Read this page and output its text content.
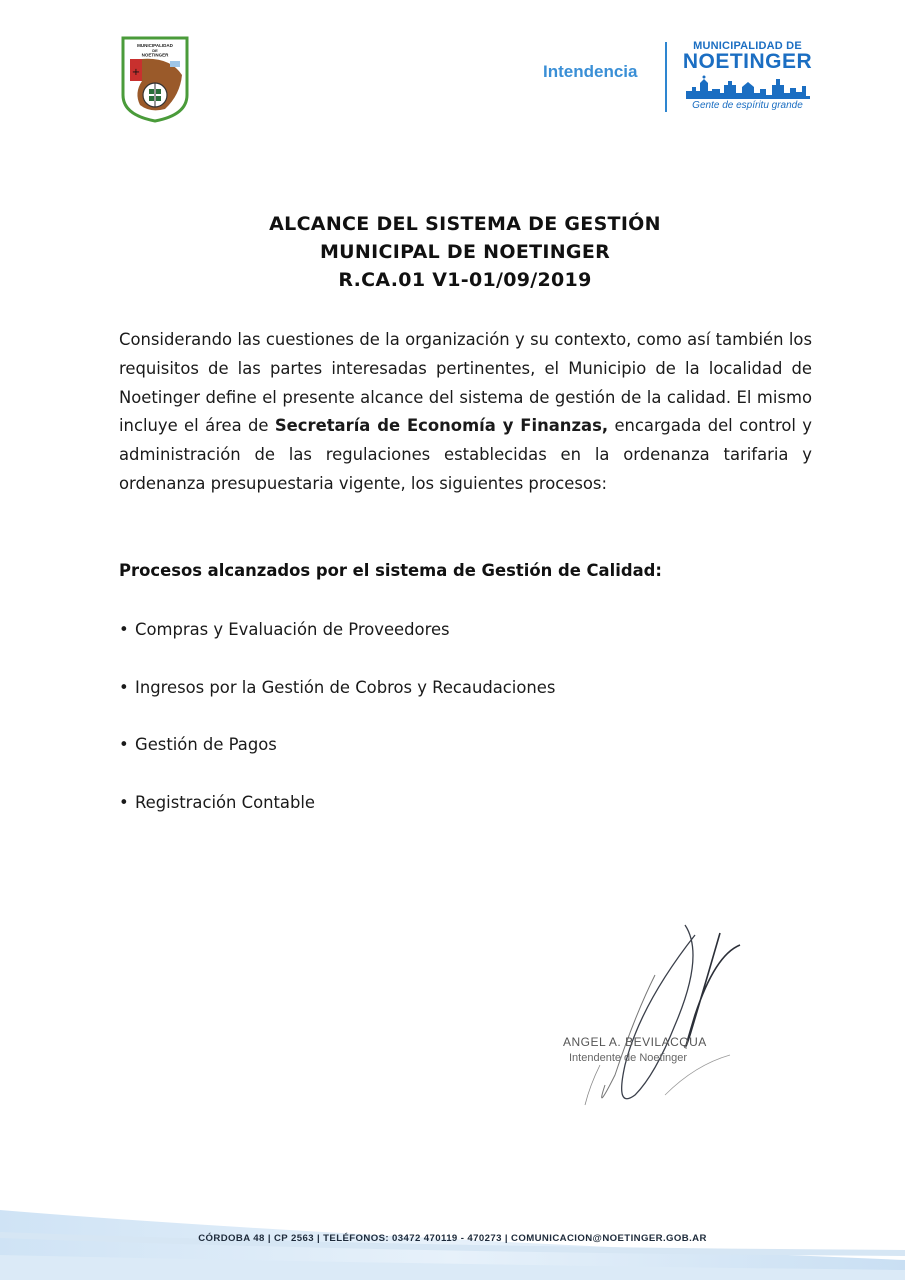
MUNICIPALIDAD
DE
NOETINGER
+	Intendencia
MUNICIPALIDAD DE
NOETINGER
Gente de espíritu grande
ALCANCE DEL SISTEMA DE GESTIÓN
MUNICIPAL DE NOETINGER
R.CA.01 V1-01/09/2019
Considerando las cuestiones de la organización y su contexto, como así también los requisitos de las partes interesadas pertinentes, el Municipio de la localidad de Noetinger define el presente alcance del sistema de gestión de la calidad. El mismo incluye el área de Secretaría de Economía y Finanzas, encargada del control y administración de las regulaciones establecidas en la ordenanza tarifaria y ordenanza presupuestaria vigente, los siguientes procesos:
Procesos alcanzados por el sistema de Gestión de Calidad:
• Compras y Evaluación de Proveedores
• Ingresos por la Gestión de Cobros y Recaudaciones
• Gestión de Pagos
• Registración Contable
ANGEL A. BEVILACQUA
Intendente de Noetinger
CÓRDOBA 48 | CP 2563 | TELÉFONOS: 03472 470119 - 470273 | COMUNICACION@NOETINGER.GOB.AR
